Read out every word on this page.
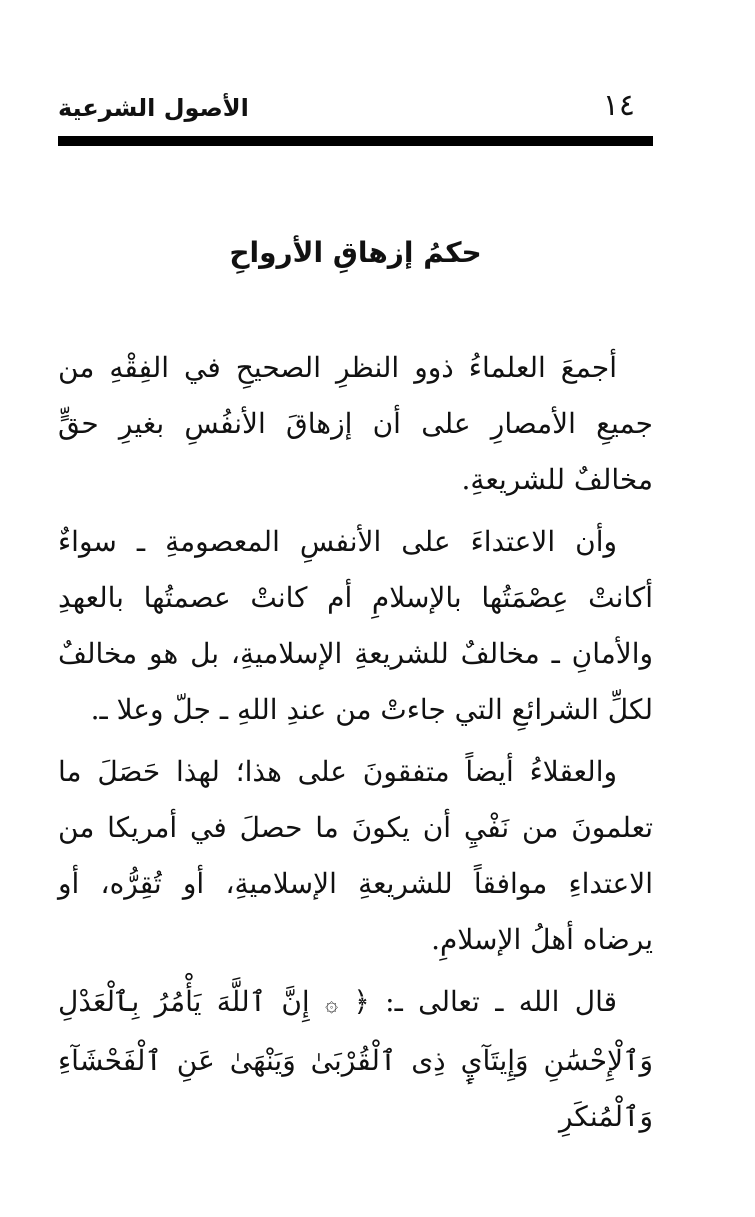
الأصول الشرعية	١٤
حكمُ إزهاقِ الأرواحِ

أجمعَ العلماءُ ذوو النظرِ الصحيحِ في الفِقْهِ من جميعِ الأمصارِ على أن إزهاقَ الأنفُسِ بغيرِ حقٍّ مخالفٌ للشريعةِ.

وأن الاعتداءَ على الأنفسِ المعصومةِ ـ سواءٌ أكانتْ عِصْمَتُها بالإسلامِ أم كانتْ عصمتُها بالعهدِ والأمانِ ـ مخالفٌ للشريعةِ الإسلاميةِ، بل هو مخالفٌ لكلِّ الشرائعِ التي جاءتْ من عندِ اللهِ ـ جلّ وعلا ـ.

والعقلاءُ أيضاً متفقونَ على هذا؛ لهذا حَصَلَ ما تعلمونَ من نَفْيِ أن يكونَ ما حصلَ في أمريكا من الاعتداءِ موافقاً للشريعةِ الإسلاميةِ، أو تُقِرُّه، أو يرضاه أهلُ الإسلامِ.

قال الله ـ تعالى ـ: ﴿ ۞ إِنَّ ٱللَّهَ يَأْمُرُ بِٱلْعَدْلِ وَٱلْإِحْسَٰنِ وَإِيتَآيِٕ ذِى ٱلْقُرْبَىٰ وَيَنْهَىٰ عَنِ ٱلْفَحْشَآءِ وَٱلْمُنكَرِ
